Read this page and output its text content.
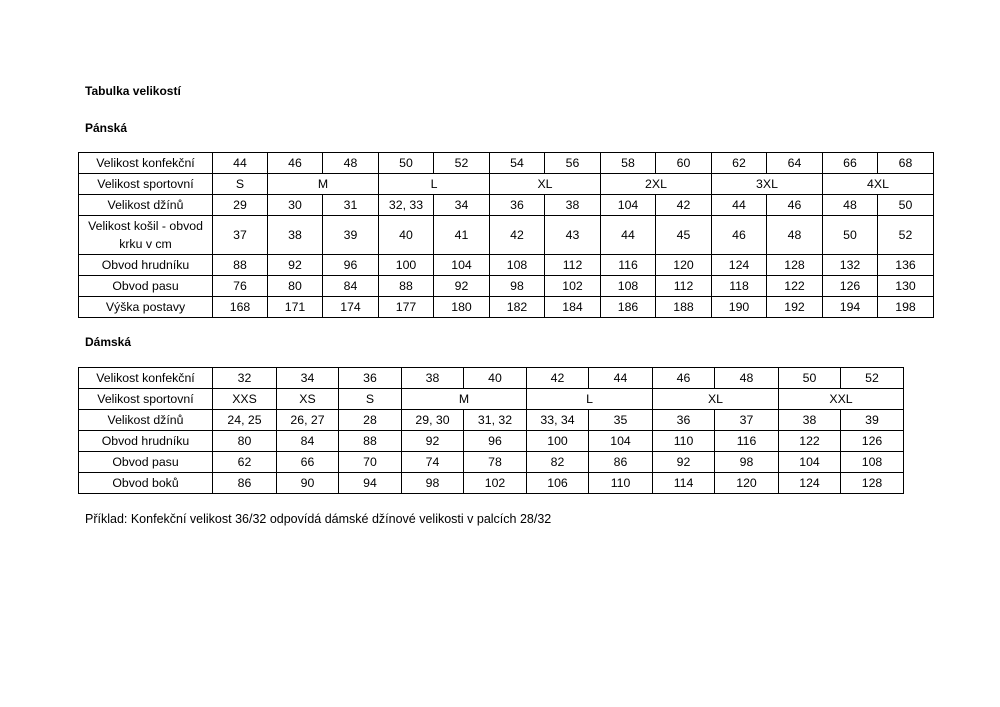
Tabulka velikostí
Pánská
Velikost konfekční	44	46	48	50	52	54	56	58	60	62	64	66	68
Velikost sportovní	S	M		L		XL		2XL		3XL		4XL	
Velikost džínů	29	30	31	32, 33	34	36	38	104	42	44	46	48	50
Velikost košil - obvod krku v cm	37	38	39	40	41	42	43	44	45	46	48	50	52
Obvod hrudníku	88	92	96	100	104	108	112	116	120	124	128	132	136
Obvod pasu	76	80	84	88	92	98	102	108	112	118	122	126	130
Výška postavy	168	171	174	177	180	182	184	186	188	190	192	194	198
Dámská
Velikost konfekční	32	34	36	38	40	42	44	46	48	50	52
Velikost sportovní	XXS	XS	S	M		L		XL		XXL	
Velikost džínů	24, 25	26, 27	28	29, 30	31, 32	33, 34	35	36	37	38	39
Obvod hrudníku	80	84	88	92	96	100	104	110	116	122	126
Obvod pasu	62	66	70	74	78	82	86	92	98	104	108
Obvod boků	86	90	94	98	102	106	110	114	120	124	128

Příklad: Konfekční velikost 36/32 odpovídá dámské džínové velikosti v palcích 28/32
